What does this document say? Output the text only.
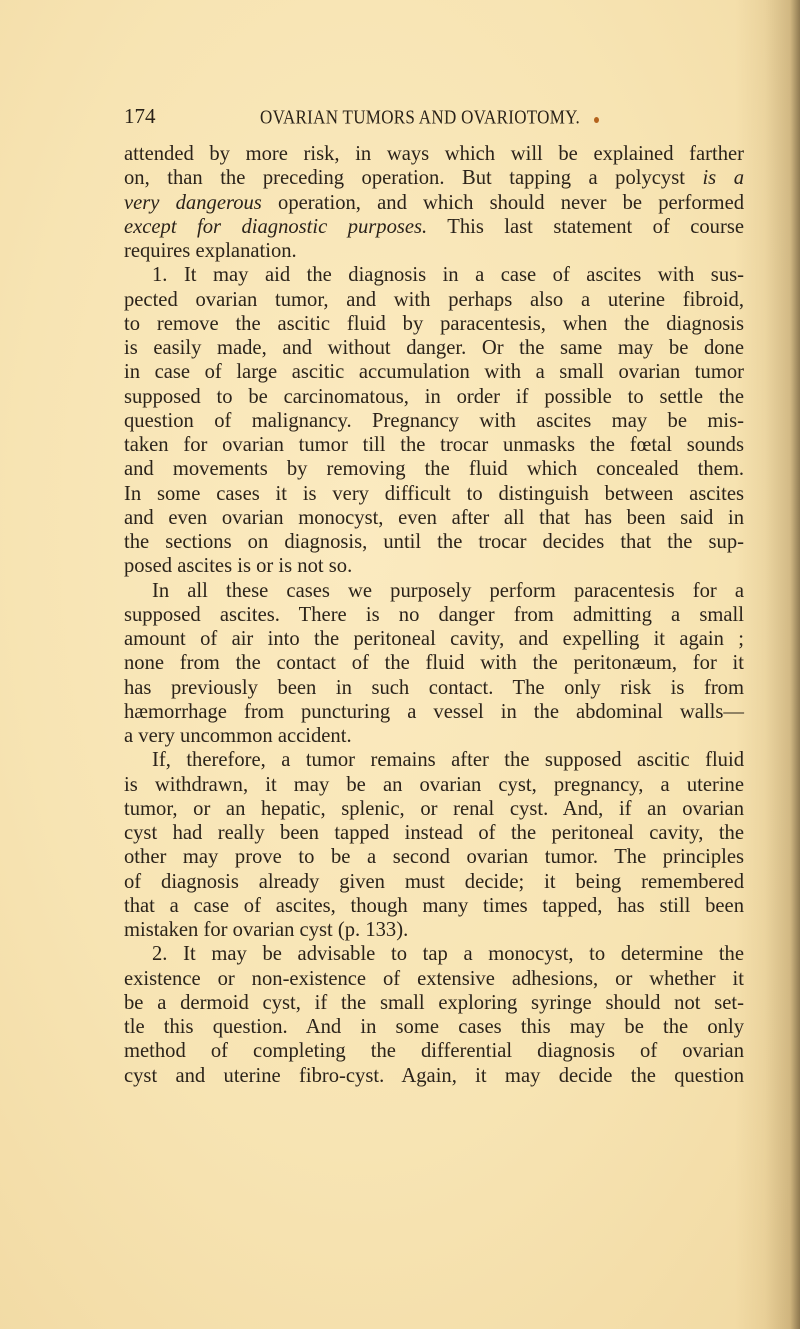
174	OVARIAN TUMORS AND OVARIOTOMY.
attended by more risk, in ways which will be explained farther
on, than the preceding operation. But tapping a polycyst is a
very dangerous operation, and which should never be performed
except for diagnostic purposes. This last statement of course
requires explanation.
1. It may aid the diagnosis in a case of ascites with sus-
pected ovarian tumor, and with perhaps also a uterine fibroid,
to remove the ascitic fluid by paracentesis, when the diagnosis
is easily made, and without danger. Or the same may be done
in case of large ascitic accumulation with a small ovarian tumor
supposed to be carcinomatous, in order if possible to settle the
question of malignancy. Pregnancy with ascites may be mis-
taken for ovarian tumor till the trocar unmasks the fœtal sounds
and movements by removing the fluid which concealed them.
In some cases it is very difficult to distinguish between ascites
and even ovarian monocyst, even after all that has been said in
the sections on diagnosis, until the trocar decides that the sup-
posed ascites is or is not so.
In all these cases we purposely perform paracentesis for a
supposed ascites. There is no danger from admitting a small
amount of air into the peritoneal cavity, and expelling it again ;
none from the contact of the fluid with the peritonæum, for it
has previously been in such contact. The only risk is from
hæmorrhage from puncturing a vessel in the abdominal walls—
a very uncommon accident.
If, therefore, a tumor remains after the supposed ascitic fluid
is withdrawn, it may be an ovarian cyst, pregnancy, a uterine
tumor, or an hepatic, splenic, or renal cyst. And, if an ovarian
cyst had really been tapped instead of the peritoneal cavity, the
other may prove to be a second ovarian tumor. The principles
of diagnosis already given must decide; it being remembered
that a case of ascites, though many times tapped, has still been
mistaken for ovarian cyst (p. 133).
2. It may be advisable to tap a monocyst, to determine the
existence or non-existence of extensive adhesions, or whether it
be a dermoid cyst, if the small exploring syringe should not set-
tle this question. And in some cases this may be the only
method of completing the differential diagnosis of ovarian
cyst and uterine fibro-cyst. Again, it may decide the question
